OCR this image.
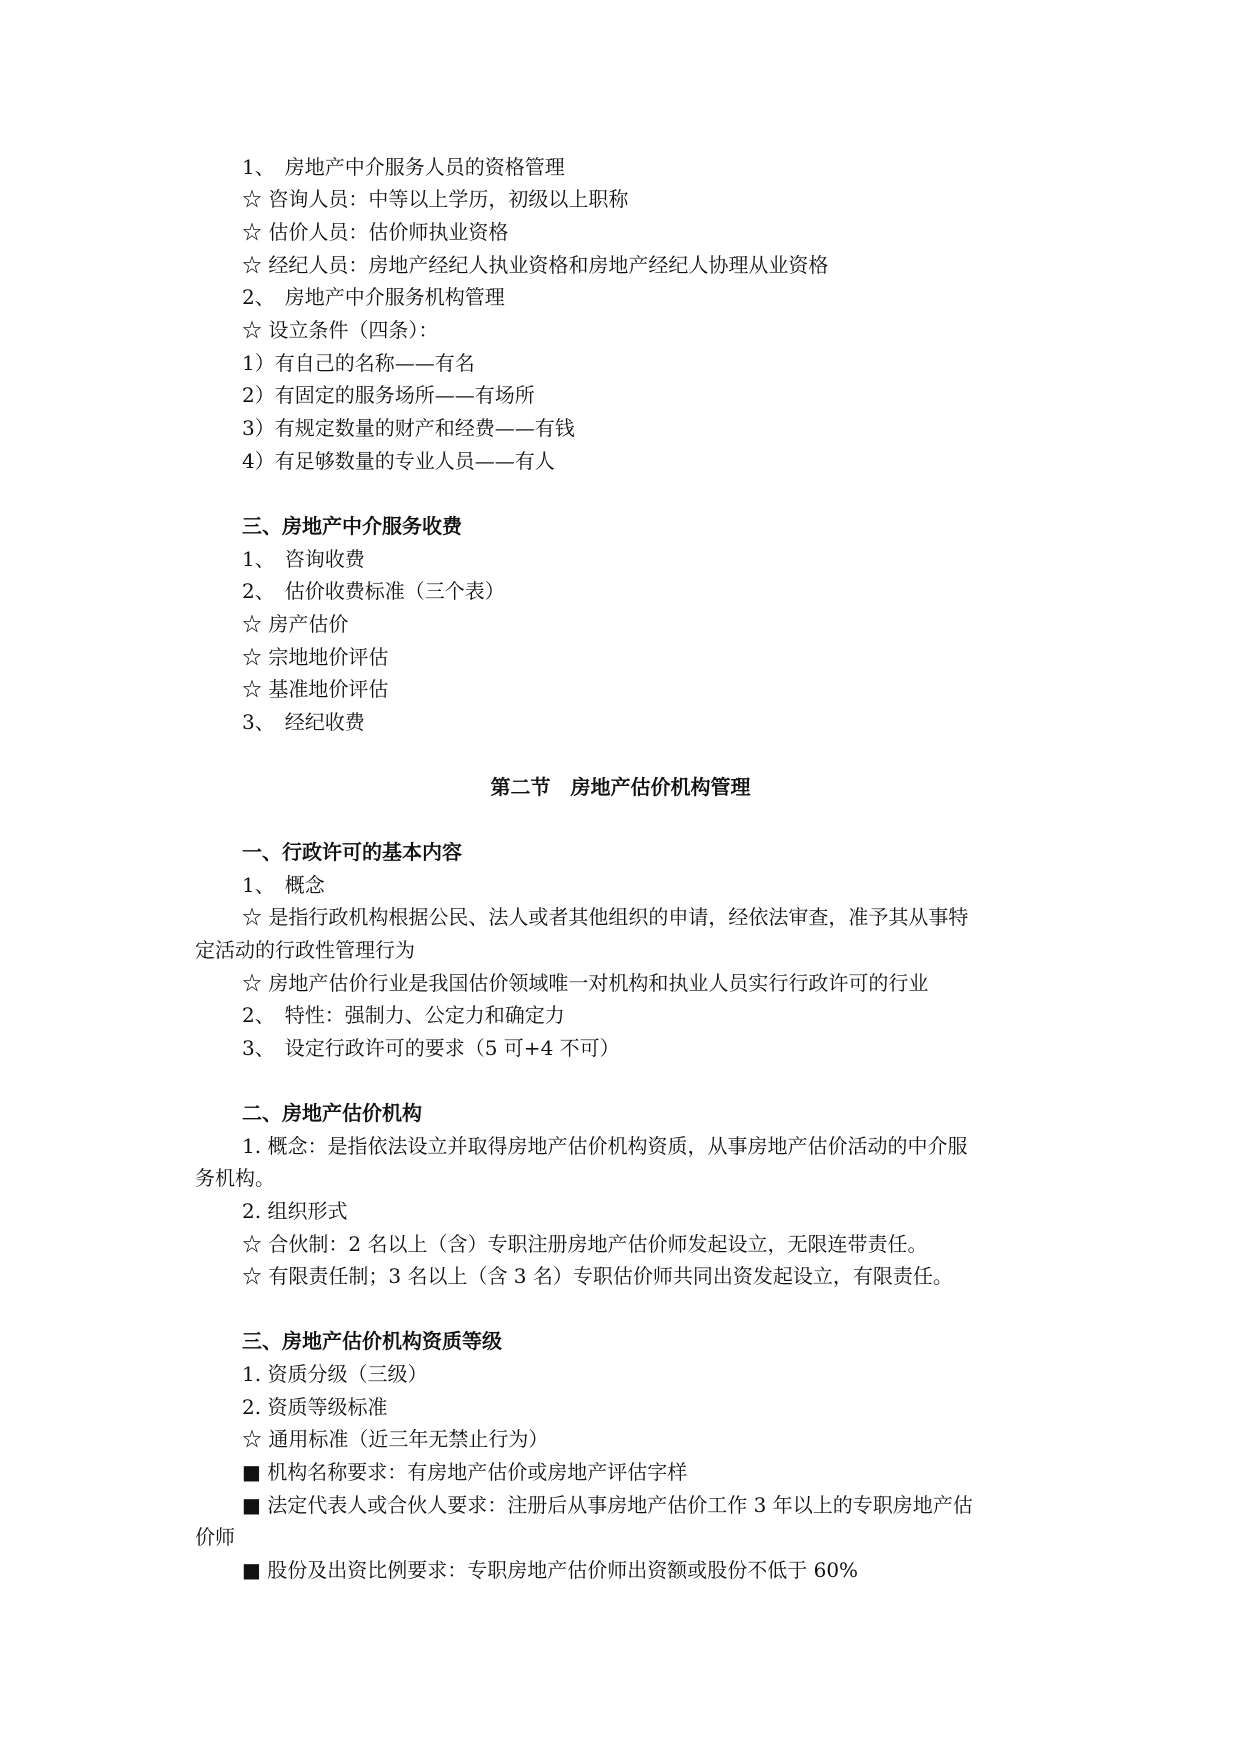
1、　房地产中介服务人员的资格管理
☆ 咨询人员：中等以上学历，初级以上职称
☆ 估价人员：估价师执业资格
☆ 经纪人员：房地产经纪人执业资格和房地产经纪人协理从业资格
2、　房地产中介服务机构管理
☆ 设立条件（四条）：
1）有自己的名称——有名
2）有固定的服务场所——有场所
3）有规定数量的财产和经费——有钱
4）有足够数量的专业人员——有人
三、房地产中介服务收费
1、　咨询收费
2、　估价收费标准（三个表）
☆ 房产估价
☆ 宗地地价评估
☆ 基准地价评估
3、　经纪收费
第二节　房地产估价机构管理
一、行政许可的基本内容
1、　概念
☆ 是指行政机构根据公民、法人或者其他组织的申请，经依法审查，准予其从事特
定活动的行政性管理行为
☆ 房地产估价行业是我国估价领域唯一对机构和执业人员实行行政许可的行业
2、　特性：强制力、公定力和确定力
3、　设定行政许可的要求（5 可+4 不可）
二、房地产估价机构
1. 概念：是指依法设立并取得房地产估价机构资质，从事房地产估价活动的中介服
务机构。
2. 组织形式
☆ 合伙制：2 名以上（含）专职注册房地产估价师发起设立，无限连带责任。
☆ 有限责任制；3 名以上（含 3 名）专职估价师共同出资发起设立，有限责任。
三、房地产估价机构资质等级
1. 资质分级（三级）
2. 资质等级标准
☆ 通用标准（近三年无禁止行为）
■ 机构名称要求：有房地产估价或房地产评估字样
■ 法定代表人或合伙人要求：注册后从事房地产估价工作 3 年以上的专职房地产估
价师
■ 股份及出资比例要求：专职房地产估价师出资额或股份不低于 60%
